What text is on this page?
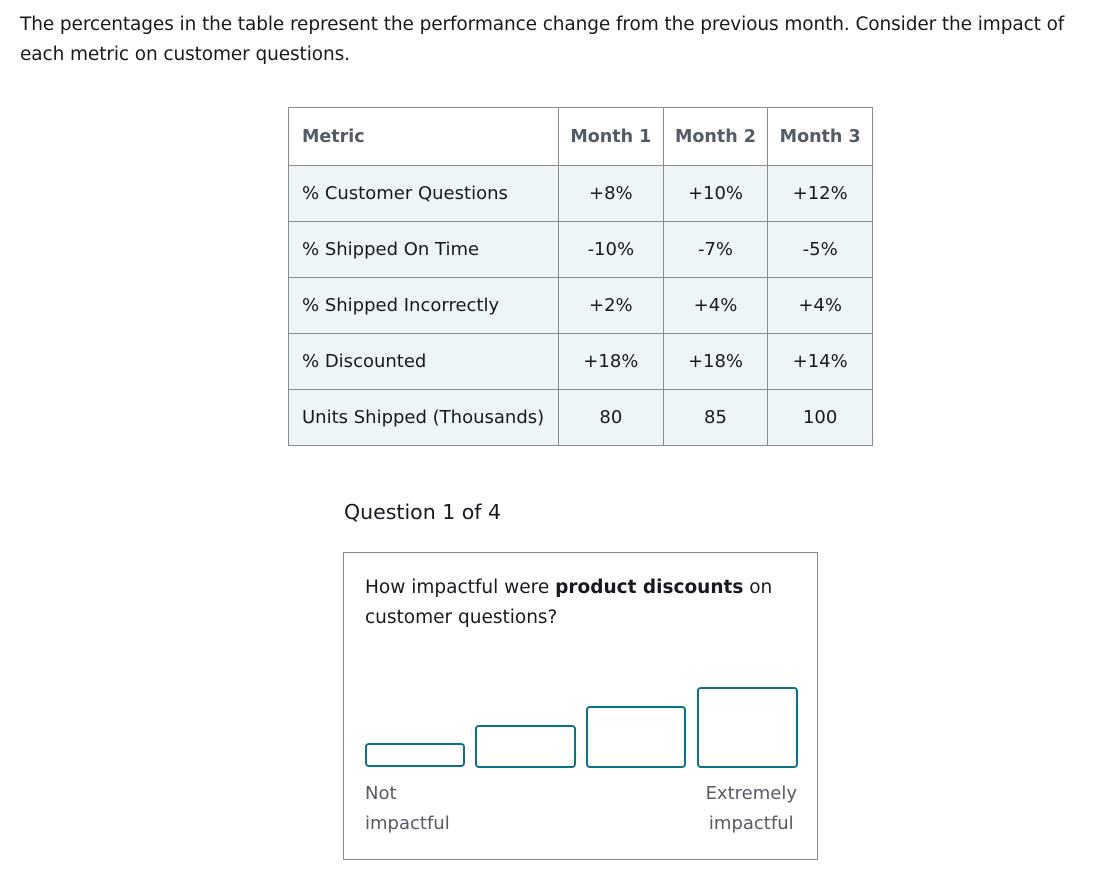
The percentages in the table represent the performance change from the previous month. Consider the impact of each metric on customer questions.

Metric	Month 1	Month 2	Month 3
% Customer Questions	+8%	+10%	+12%
% Shipped On Time	-10%	-7%	-5%
% Shipped Incorrectly	+2%	+4%	+4%
% Discounted	+18%	+18%	+14%
Units Shipped (Thousands)	80	85	100
Question 1 of 4

How impactful were product discounts on customer questions?

Not
impactful
Extremely
impactful
